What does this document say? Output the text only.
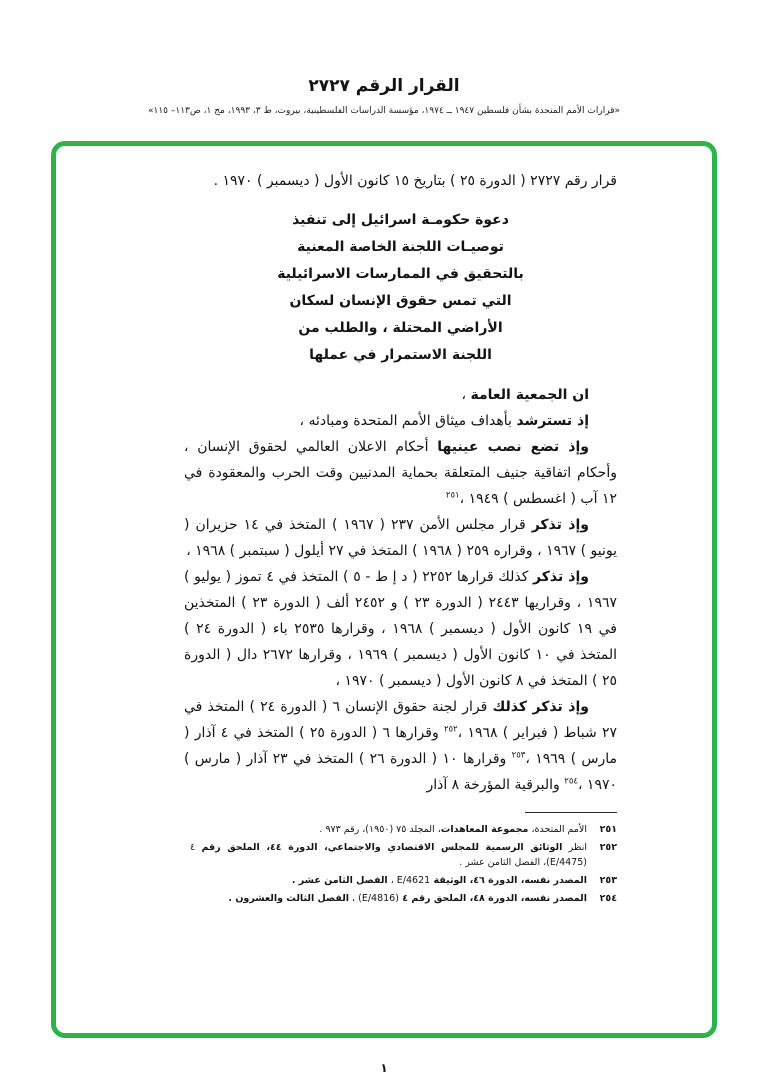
القرار الرقم ٢٧٢٧
«قرارات الأمم المتحدة بشأن فلسطين ١٩٤٧ ــ ١٩٧٤، مؤسسة الدراسات الفلسطينية، بيروت، ط ٣، ١٩٩٣، مج ١، ص١١٣– ١١٥»

قرار رقم ٢٧٢٧ ( الدورة ٢٥ ) بتاريخ ١٥ كانون الأول ( ديسمبر ) ١٩٧٠ .

دعوة حكومـة اسرائيل إلى تنفيذ
توصيـات اللجنة الخاصة المعنية
بالتحقيق في الممارسات الاسرائيلية
التي تمس حقوق الإنسان لسكان
الأراضي المحتلة ، والطلب من
اللجنة الاستمرار في عملها

ان الجمعية العامة ،

إذ تسترشد بأهداف ميثاق الأمم المتحدة ومبادئه ،

وإذ تضع نصب عينيها أحكام الاعلان العالمي لحقوق الإنسان ، وأحكام اتفاقية جنيف المتعلقة بحماية المدنيين وقت الحرب والمعقودة في ١٢ آب ( اغسطس ) ١٩٤٩ ،$^{٢٥١}$

وإذ تذكر قرار مجلس الأمن ٢٣٧ ( ١٩٦٧ ) المتخذ في ١٤ حزيران ( يونيو ) ١٩٦٧ ، وقراره ٢٥٩ ( ١٩٦٨ ) المتخذ في ٢٧ أيلول ( سبتمبر ) ١٩٦٨ ،

وإذ تذكر كذلك قرارها ٢٢٥٢ ( د إ ط - ٥ ) المتخذ في ٤ تموز ( يوليو ) ١٩٦٧ ، وقراريها ٢٤٤٣ ( الدورة ٢٣ ) و ٢٤٥٢ ألف ( الدورة ٢٣ ) المتخذين في ١٩ كانون الأول ( ديسمبر ) ١٩٦٨ ، وقرارها ٢٥٣٥ باء ( الدورة ٢٤ ) المتخذ في ١٠ كانون الأول ( ديسمبر ) ١٩٦٩ ، وقرارها ٢٦٧٢ دال ( الدورة ٢٥ ) المتخذ في ٨ كانون الأول ( ديسمبر ) ١٩٧٠ ،

وإذ تذكر كذلك قرار لجنة حقوق الإنسان ٦ ( الدورة ٢٤ ) المتخذ في ٢٧ شباط ( فبراير ) ١٩٦٨ ،$^{٢٥٢}$ وقرارها ٦ ( الدورة ٢٥ ) المتخذ في ٤ آذار ( مارس ) ١٩٦٩ ،$^{٢٥٣}$ وقرارها ١٠ ( الدورة ٢٦ ) المتخذ في ٢٣ آذار ( مارس ) ١٩٧٠ ،$^{٢٥٤}$ والبرقية المؤرخة ٨ آذار

٢٥١
الأمم المتحدة، مجموعة المعاهدات، المجلد ٧٥ (١٩٥٠)، رقم ٩٧٣ .
٢٥٢
انظر الوثائق الرسمية للمجلس الاقتصادي والاجتماعي، الدورة ٤٤، الملحق رقم ٤ (E/4475)، الفصل الثامن عشر .
٢٥٣
المصدر نفسه، الدورة ٤٦، الوثيقة E/4621 ، الفصل الثامن عشر .
٢٥٤
المصدر نفسه، الدورة ٤٨، الملحق رقم ٤ (E/4816) ، الفصل الثالث والعشرون .
١
